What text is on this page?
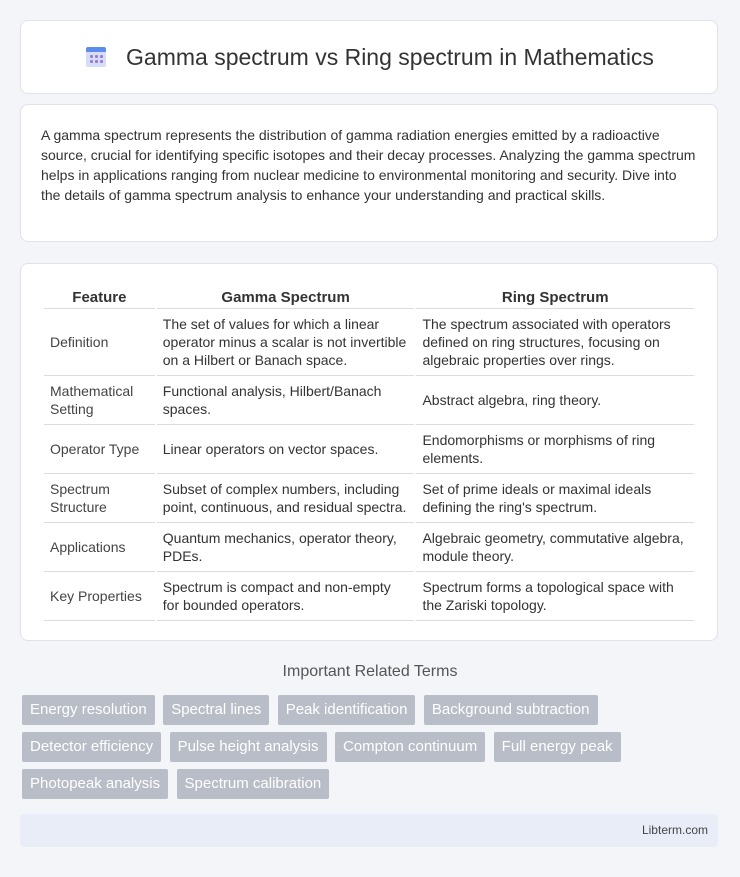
Gamma spectrum vs Ring spectrum in Mathematics
A gamma spectrum represents the distribution of gamma radiation energies emitted by a radioactive source, crucial for identifying specific isotopes and their decay processes. Analyzing the gamma spectrum helps in applications ranging from nuclear medicine to environmental monitoring and security. Dive into the details of gamma spectrum analysis to enhance your understanding and practical skills.
Feature	Gamma Spectrum	Ring Spectrum
Definition	The set of values for which a linear operator minus a scalar is not invertible on a Hilbert or Banach space.	The spectrum associated with operators defined on ring structures, focusing on algebraic properties over rings.
Mathematical Setting	Functional analysis, Hilbert/Banach spaces.	Abstract algebra, ring theory.
Operator Type	Linear operators on vector spaces.	Endomorphisms or morphisms of ring elements.
Spectrum Structure	Subset of complex numbers, including point, continuous, and residual spectra.	Set of prime ideals or maximal ideals defining the ring's spectrum.
Applications	Quantum mechanics, operator theory, PDEs.	Algebraic geometry, commutative algebra, module theory.
Key Properties	Spectrum is compact and non-empty for bounded operators.	Spectrum forms a topological space with the Zariski topology.
Important Related Terms
Energy resolution Spectral lines Peak identification Background subtraction Detector efficiency Pulse height analysis Compton continuum Full energy peak Photopeak analysis Spectrum calibration
Libterm.com
